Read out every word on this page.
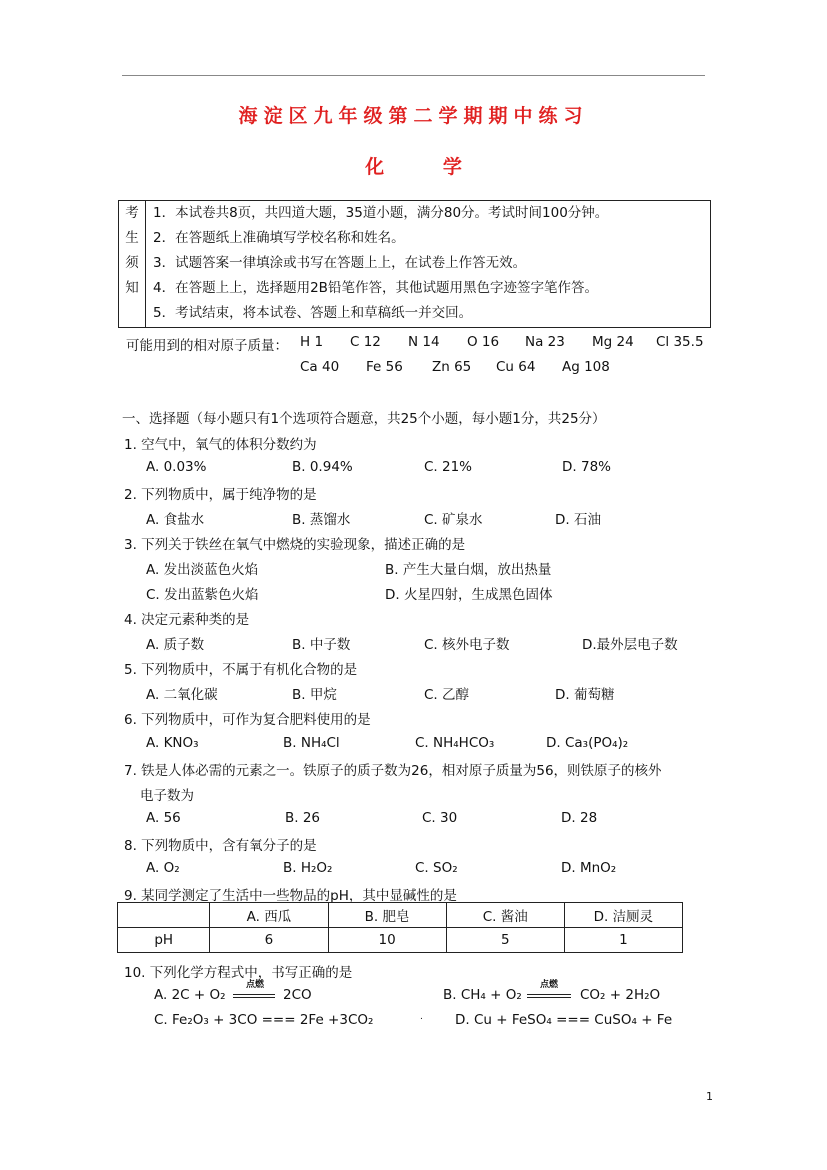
海淀区九年级第二学期期中练习
化	学
考
生
须
知
1．本试卷共8页，共四道大题，35道小题，满分80分。考试时间100分钟。
2．在答题纸上准确填写学校名称和姓名。
3．试题答案一律填涂或书写在答题上上，在试卷上作答无效。
4．在答题上上，选择题用2B铅笔作答，其他试题用黑色字迹签字笔作答。
5．考试结束，将本试卷、答题上和草稿纸一并交回。
可能用到的相对原子质量： H 1 C 12 N 14 O 16 Na 23 Mg 24 Cl 35.5
Ca 40 Fe 56 Zn 65 Cu 64 Ag 108
一、选择题（每小题只有1个选项符合题意，共25个小题，每小题1分，共25分）
1. 空气中，氧气的体积分数约为
A. 0.03%	B. 0.94%	C. 21%	D. 78%
2. 下列物质中，属于纯净物的是
A. 食盐水	B. 蒸馏水	C. 矿泉水	D. 石油
3. 下列关于铁丝在氧气中燃烧的实验现象，描述正确的是
A. 发出淡蓝色火焰	B. 产生大量白烟，放出热量
C. 发出蓝紫色火焰	D. 火星四射，生成黑色固体
4. 决定元素种类的是
A. 质子数	B. 中子数	C. 核外电子数	D.最外层电子数
5. 下列物质中，不属于有机化合物的是
A. 二氧化碳	B. 甲烷	C. 乙醇	D. 葡萄糖
6. 下列物质中，可作为复合肥料使用的是
A. KNO₃	B. NH₄Cl	C. NH₄HCO₃	D. Ca₃(PO₄)₂
7. 铁是人体必需的元素之一。铁原子的质子数为26，相对原子质量为56，则铁原子的核外
电子数为
A. 56	B. 26	C. 30	D. 28
8. 下列物质中，含有氧分子的是
A. O₂	B. H₂O₂	C. SO₂	D. MnO₂
9. 某同学测定了生活中一些物品的pH，其中显碱性的是
	A. 西瓜	B. 肥皂	C. 酱油	D. 洁厕灵
pH	6	10	5	1
10. 下列化学方程式中，书写正确的是
A. 2C + O₂
点燃
2CO	B. CH₄ + O₂
点燃
CO₂ + 2H₂O
C. Fe₂O₃ + 3CO === 2Fe +3CO₂	. D. Cu + FeSO₄ === CuSO₄ + Fe
1
